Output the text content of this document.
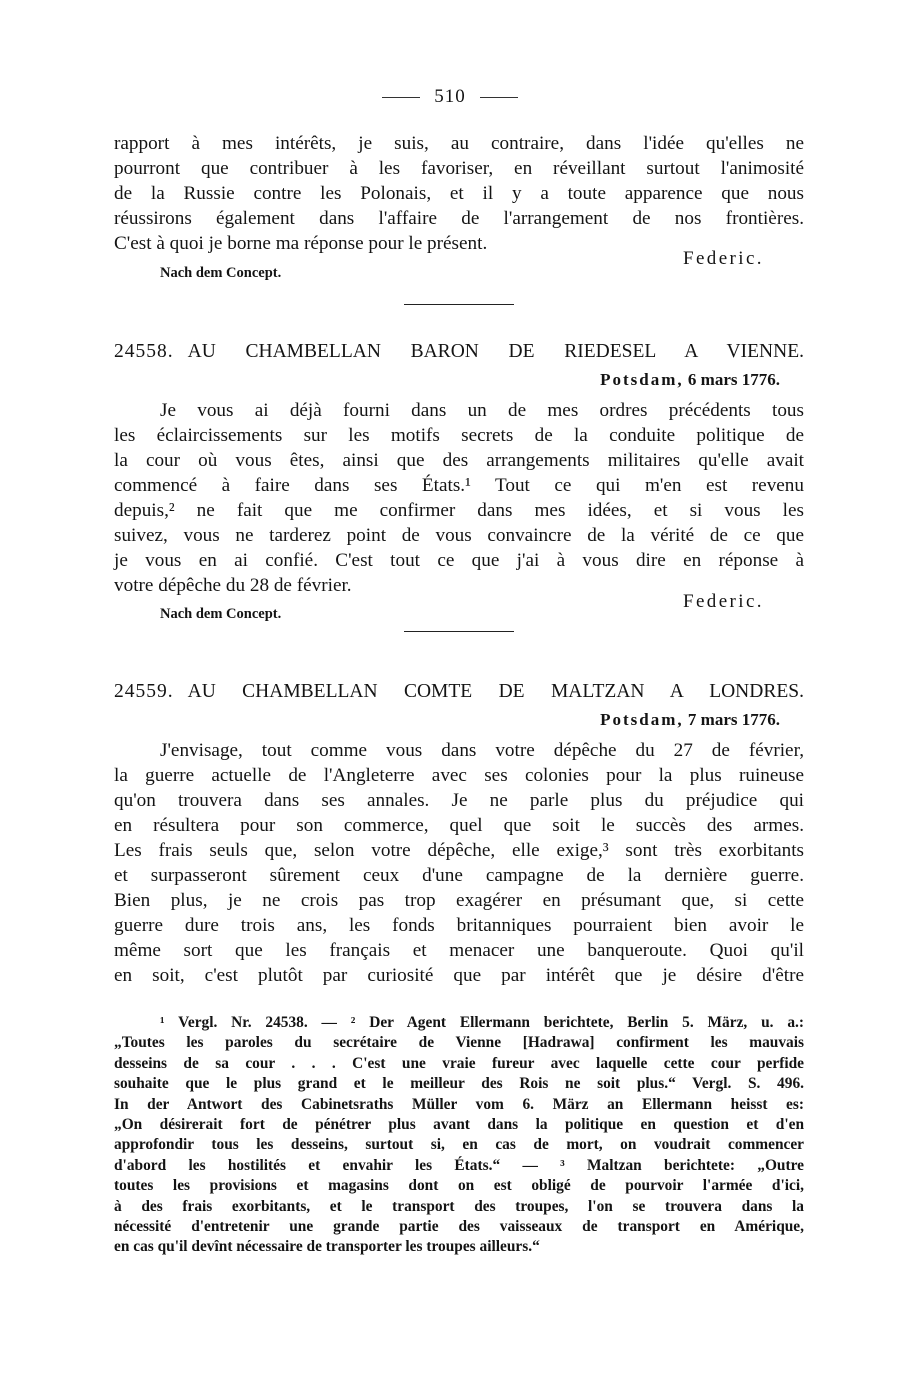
510
rapport à mes intérêts, je suis, au contraire, dans l'idée qu'elles ne
pourront que contribuer à les favoriser, en réveillant surtout l'animosité
de la Russie contre les Polonais, et il y a toute apparence que nous
réussirons également dans l'affaire de l'arrangement de nos frontières.
C'est à quoi je borne ma réponse pour le présent.
Federic.
Nach dem Concept.
24558. AU CHAMBELLAN BARON DE RIEDESEL A VIENNE.
Potsdam, 6 mars 1776.
Je vous ai déjà fourni dans un de mes ordres précédents tous
les éclaircissements sur les motifs secrets de la conduite politique de
la cour où vous êtes, ainsi que des arrangements militaires qu'elle avait
commencé à faire dans ses États.¹ Tout ce qui m'en est revenu
depuis,² ne fait que me confirmer dans mes idées, et si vous les
suivez, vous ne tarderez point de vous convaincre de la vérité de ce que
je vous en ai confié. C'est tout ce que j'ai à vous dire en réponse à
votre dépêche du 28 de février.
Federic.
Nach dem Concept.
24559. AU CHAMBELLAN COMTE DE MALTZAN A LONDRES.
Potsdam, 7 mars 1776.
J'envisage, tout comme vous dans votre dépêche du 27 de février,
la guerre actuelle de l'Angleterre avec ses colonies pour la plus ruineuse
qu'on trouvera dans ses annales. Je ne parle plus du préjudice qui
en résultera pour son commerce, quel que soit le succès des armes.
Les frais seuls que, selon votre dépêche, elle exige,³ sont très exorbitants
et surpasseront sûrement ceux d'une campagne de la dernière guerre.
Bien plus, je ne crois pas trop exagérer en présumant que, si cette
guerre dure trois ans, les fonds britanniques pourraient bien avoir le
même sort que les français et menacer une banqueroute. Quoi qu'il
en soit, c'est plutôt par curiosité que par intérêt que je désire d'être
¹ Vergl. Nr. 24538. — ² Der Agent Ellermann berichtete, Berlin 5. März, u. a.:
„Toutes les paroles du secrétaire de Vienne [Hadrawa] confirment les mauvais
desseins de sa cour . . . C'est une vraie fureur avec laquelle cette cour perfide
souhaite que le plus grand et le meilleur des Rois ne soit plus.“ Vergl. S. 496.
In der Antwort des Cabinetsraths Müller vom 6. März an Ellermann heisst es:
„On désirerait fort de pénétrer plus avant dans la politique en question et d'en
approfondir tous les desseins, surtout si, en cas de mort, on voudrait commencer
d'abord les hostilités et envahir les États.“ — ³ Maltzan berichtete: „Outre
toutes les provisions et magasins dont on est obligé de pourvoir l'armée d'ici,
à des frais exorbitants, et le transport des troupes, l'on se trouvera dans la
nécessité d'entretenir une grande partie des vaisseaux de transport en Amérique,
en cas qu'il devînt nécessaire de transporter les troupes ailleurs.“
